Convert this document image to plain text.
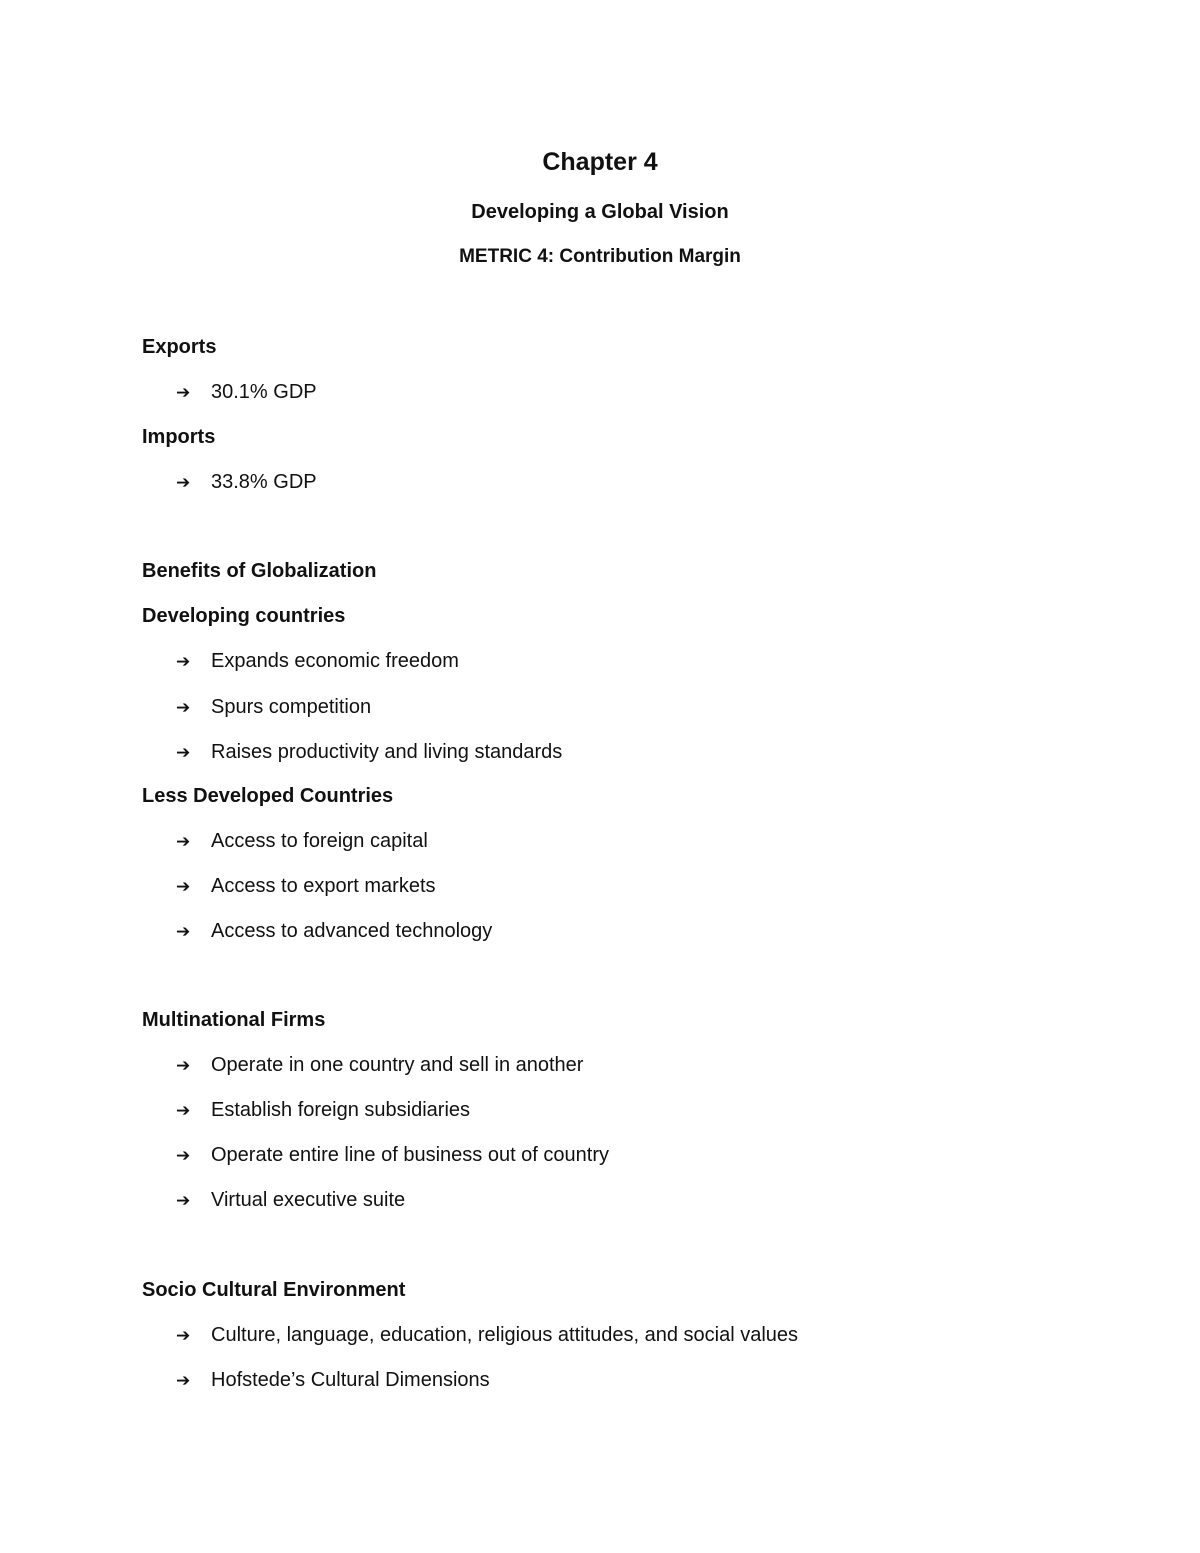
Chapter 4
Developing a Global Vision
METRIC 4: Contribution Margin
Exports
➔ 30.1% GDP
Imports
➔ 33.8% GDP
Benefits of Globalization
Developing countries
➔ Expands economic freedom
➔ Spurs competition
➔ Raises productivity and living standards
Less Developed Countries
➔ Access to foreign capital
➔ Access to export markets
➔ Access to advanced technology
Multinational Firms
➔ Operate in one country and sell in another
➔ Establish foreign subsidiaries
➔ Operate entire line of business out of country
➔ Virtual executive suite
Socio Cultural Environment
➔ Culture, language, education, religious attitudes, and social values
➔ Hofstede’s Cultural Dimensions
